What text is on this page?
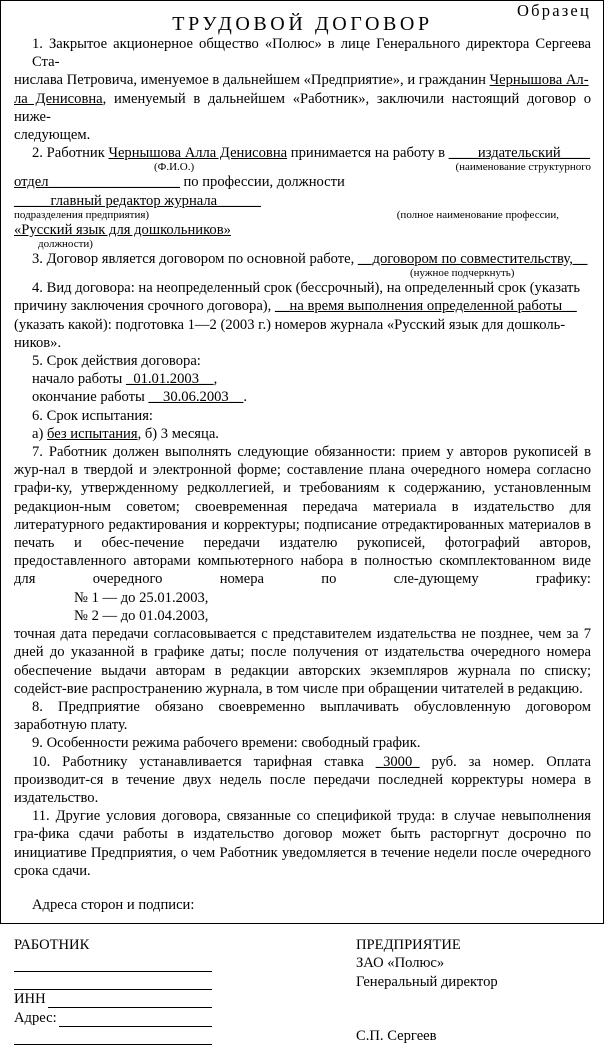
Образец
ТРУДОВОЙ ДОГОВОР

1. Закрытое акционерное общество «Полюс» в лице Генерального директора Сергеева Ста-

нислава Петровича, именуемое в дальнейшем «Предприятие», и гражданин Чернышова Ал-

ла Денисовна, именуемый в дальнейшем «Работник», заключили настоящий договор о ниже-

следующем.

2. Работник Чернышова Алла Денисовна принимается на работу в ____издательский____

(Ф.И.О.)	(наименование структурного

отдел__________________ по профессии, должности _____главный редактор журнала______

подразделения предприятия)	(полное наименование профессии,

«Русский язык для дошкольников»

должности)

3. Договор является договором по основной работе, __договором по совместительству,__

(нужное подчеркнуть)

4. Вид договора: на неопределенный срок (бессрочный), на определенный срок (указать

причину заключения срочного договора), __на время выполнения определенной работы__

(указать какой): подготовка 1—2 (2003 г.) номеров журнала «Русский язык для дошколь-

ников».

5. Срок действия договора:

начало работы _01.01.2003__,

окончание работы __30.06.2003__.

6. Срок испытания:

а) без испытания, б) 3 месяца.

7. Работник должен выполнять следующие обязанности: прием у авторов рукописей в жур-нал в твердой и электронной форме; составление плана очередного номера согласно графи-ку, утвержденному редколлегией, и требованиям к содержанию, установленным редакцион-ным советом; своевременная передача материала в издательство для литературного редактирования и корректуры; подписание отредактированных материалов в печать и обес-печение передачи издателю рукописей, фотографий авторов, предоставленного авторами компьютерного набора в полностью скомплектованном виде для очередного номера по сле-дующему графику:

№ 1 — до 25.01.2003,

№ 2 — до 01.04.2003,

точная дата передачи согласовывается с представителем издательства не позднее, чем за 7 дней до указанной в графике даты; после получения от издательства очередного номера обеспечение выдачи авторам в редакции авторских экземпляров журнала по списку; содейст-вие распространению журнала, в том числе при обращении читателей в редакцию.

8. Предприятие обязано своевременно выплачивать обусловленную договором заработную плату.

9. Особенности режима рабочего времени: свободный график.

10. Работнику устанавливается тарифная ставка _3000_ руб. за номер. Оплата производит-ся в течение двух недель после передачи последней корректуры номера в издательство.

11. Другие условия договора, связанные со спецификой труда: в случае невыполнения гра-фика сдачи работы в издательство договор может быть расторгнут досрочно по инициативе Предприятия, о чем Работник уведомляется в течение недели после очередного срока сдачи.

Адреса сторон и подписи:

РАБОТНИК
ИНН
Адрес:
ПРЕДПРИЯТИЕ
ЗАО «Полюс»
Генеральный директор
С.П. Сергеев
